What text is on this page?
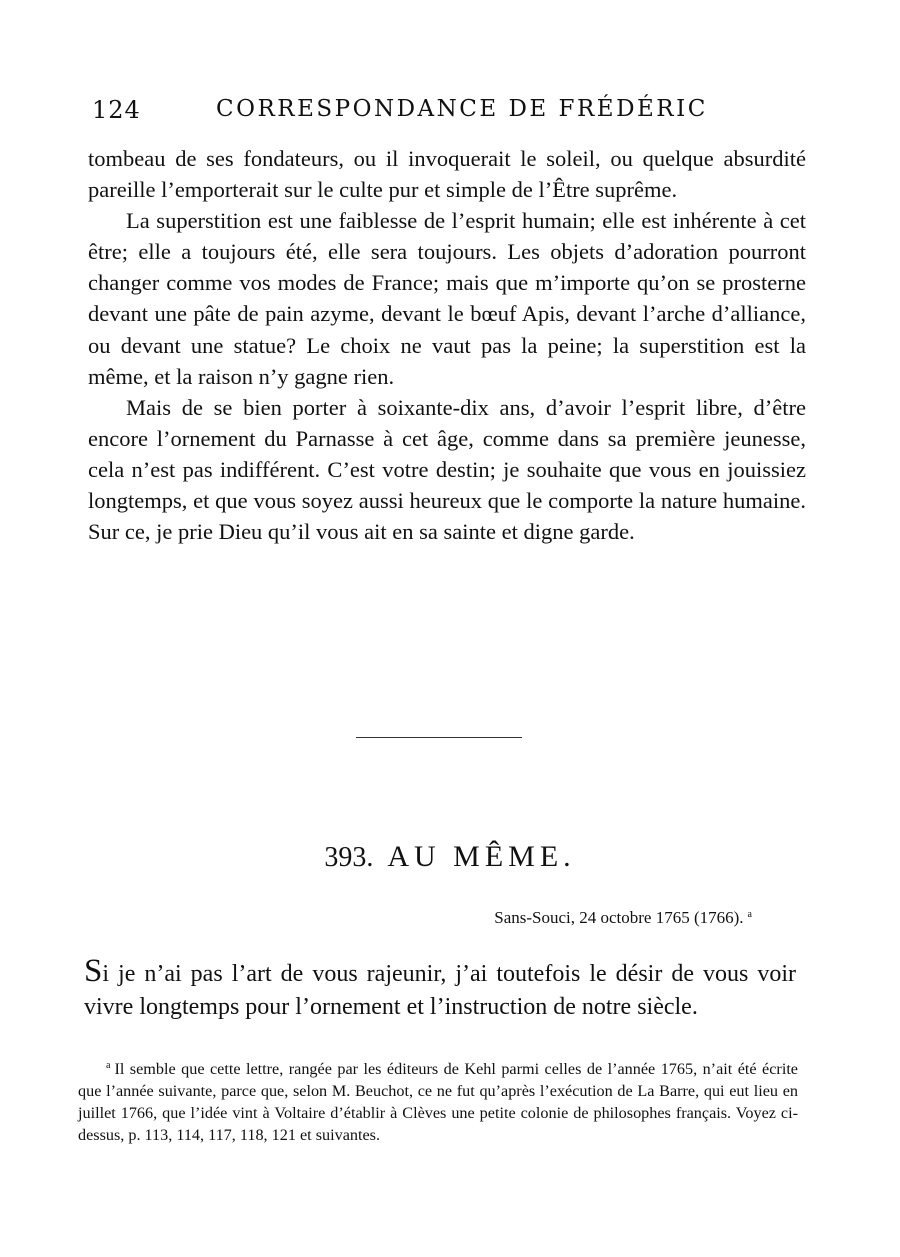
124	CORRESPONDANCE DE FRÉDÉRIC

tombeau de ses fondateurs, ou il invoquerait le soleil, ou quelque absurdité pareille l’emporterait sur le culte pur et simple de l’Être suprême.

La superstition est une faiblesse de l’esprit humain; elle est inhérente à cet être; elle a toujours été, elle sera toujours. Les objets d’adoration pourront changer comme vos modes de France; mais que m’importe qu’on se prosterne devant une pâte de pain azyme, devant le bœuf Apis, devant l’arche d’alliance, ou devant une statue? Le choix ne vaut pas la peine; la superstition est la même, et la raison n’y gagne rien.

Mais de se bien porter à soixante-dix ans, d’avoir l’esprit libre, d’être encore l’ornement du Parnasse à cet âge, comme dans sa première jeunesse, cela n’est pas indifférent. C’est votre destin; je souhaite que vous en jouissiez longtemps, et que vous soyez aussi heureux que le comporte la nature humaine. Sur ce, je prie Dieu qu’il vous ait en sa sainte et digne garde.

393. AU MÊME.
Sans-Souci, 24 octobre 1765 (1766). $^a$
Si je n’ai pas l’art de vous rajeunir, j’ai toutefois le désir de vous voir vivre longtemps pour l’ornement et l’instruction de notre siècle.
$^a$ Il semble que cette lettre, rangée par les éditeurs de Kehl parmi celles de l’année 1765, n’ait été écrite que l’année suivante, parce que, selon M. Beuchot, ce ne fut qu’après l’exécution de La Barre, qui eut lieu en juillet 1766, que l’idée vint à Voltaire d’établir à Clèves une petite colonie de philosophes français. Voyez ci-dessus, p. 113, 114, 117, 118, 121 et suivantes.
